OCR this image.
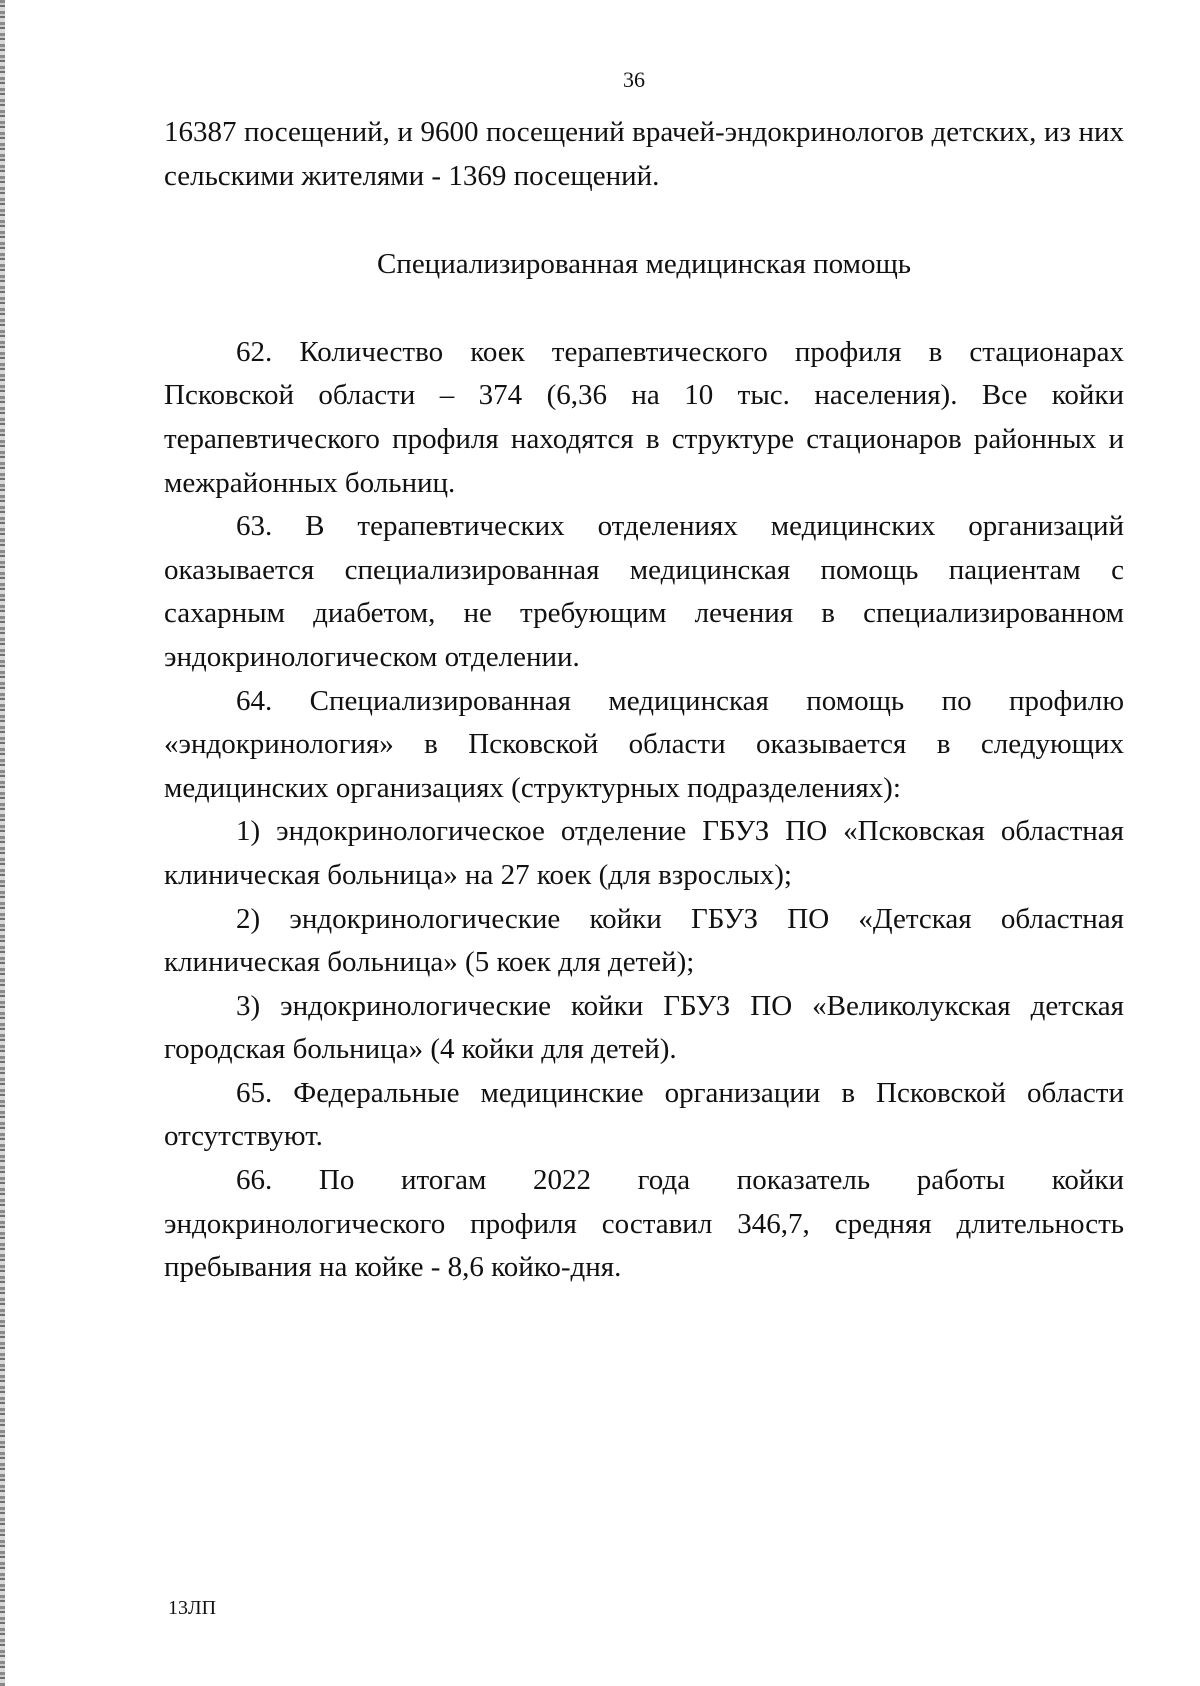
36

16387 посещений, и 9600 посещений врачей-эндокринологов детских, из них сельскими жителями - 1369 посещений.

Специализированная медицинская помощь

62. Количество коек терапевтического профиля в стационарах Псковской области – 374 (6,36 на 10 тыс. населения). Все койки терапевтического профиля находятся в структуре стационаров районных и межрайонных больниц.

63. В терапевтических отделениях медицинских организаций оказывается специализированная медицинская помощь пациентам с сахарным диабетом, не требующим лечения в специализированном эндокринологическом отделении.

64. Специализированная медицинская помощь по профилю «эндокринология» в Псковской области оказывается в следующих медицинских организациях (структурных подразделениях):

1) эндокринологическое отделение ГБУЗ ПО «Псковская областная клиническая больница» на 27 коек (для взрослых);

2) эндокринологические койки ГБУЗ ПО «Детская областная клиническая больница» (5 коек для детей);

3) эндокринологические койки ГБУЗ ПО «Великолукская детская городская больница» (4 койки для детей).

65. Федеральные медицинские организации в Псковской области отсутствуют.

66. По итогам 2022 года показатель работы койки эндокринологического профиля составил 346,7, средняя длительность пребывания на койке - 8,6 койко-дня.

13ЛП
